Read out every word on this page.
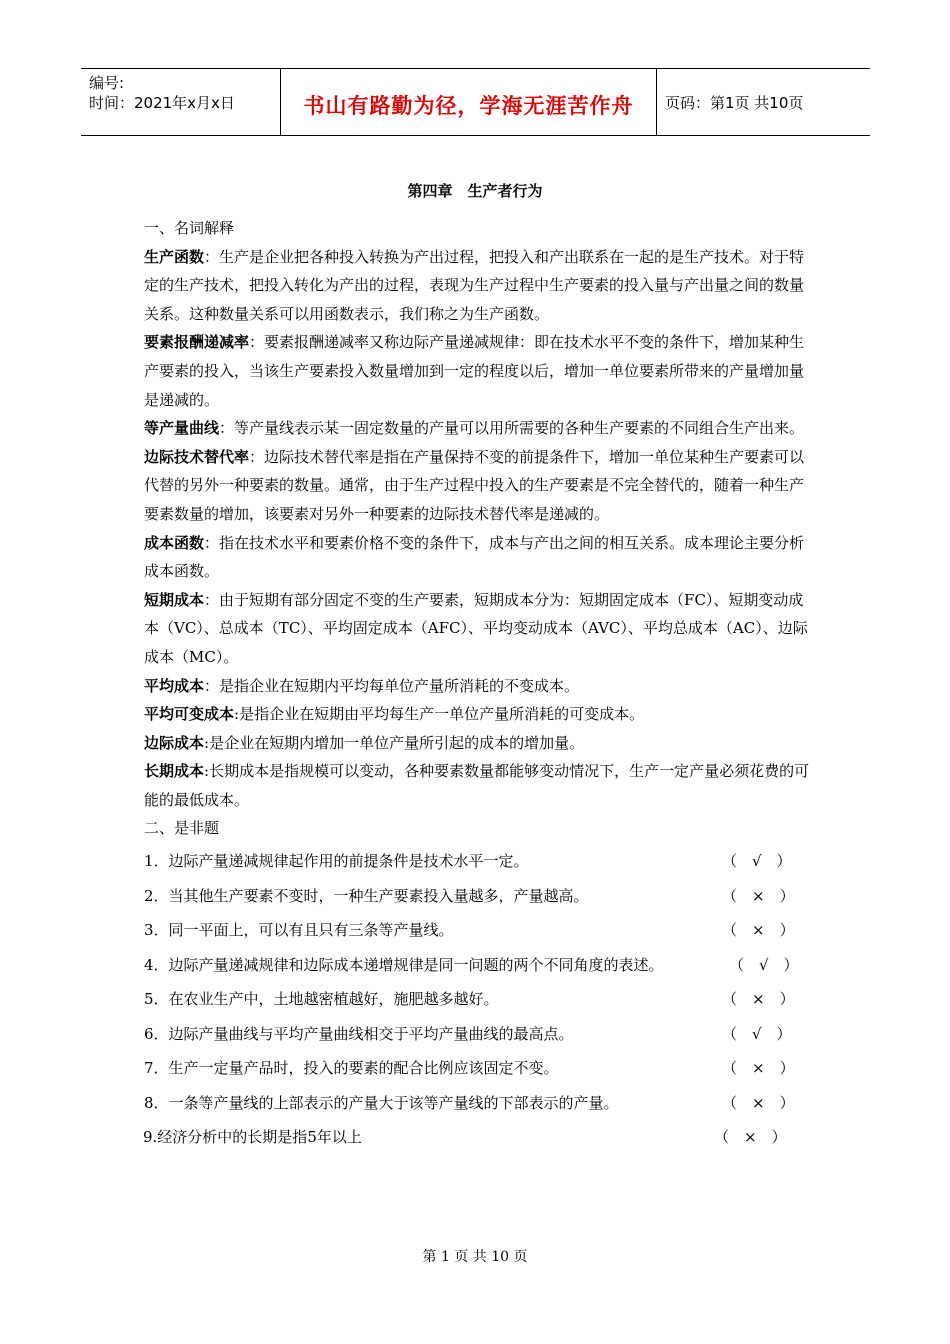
编号:
时间：2021年x月x日	书山有路勤为径，学海无涯苦作舟 页码：第1页 共10页
第四章　生产者行为

一、名词解释

生产函数：生产是企业把各种投入转换为产出过程，把投入和产出联系在一起的是生产技术。对于特定的生产技术，把投入转化为产出的过程，表现为生产过程中生产要素的投入量与产出量之间的数量关系。这种数量关系可以用函数表示，我们称之为生产函数。

要素报酬递减率：要素报酬递减率又称边际产量递减规律：即在技术水平不变的条件下，增加某种生产要素的投入，当该生产要素投入数量增加到一定的程度以后，增加一单位要素所带来的产量增加量是递减的。

等产量曲线：等产量线表示某一固定数量的产量可以用所需要的各种生产要素的不同组合生产出来。

边际技术替代率：边际技术替代率是指在产量保持不变的前提条件下，增加一单位某种生产要素可以代替的另外一种要素的数量。通常，由于生产过程中投入的生产要素是不完全替代的，随着一种生产要素数量的增加，该要素对另外一种要素的边际技术替代率是递减的。

成本函数：指在技术水平和要素价格不变的条件下，成本与产出之间的相互关系。成本理论主要分析成本函数。

短期成本：由于短期有部分固定不变的生产要素，短期成本分为：短期固定成本（FC）、短期变动成本（VC）、总成本（TC）、平均固定成本（AFC）、平均变动成本（AVC）、平均总成本（AC）、边际成本（MC）。

平均成本：是指企业在短期内平均每单位产量所消耗的不变成本。

平均可变成本:是指企业在短期由平均每生产一单位产量所消耗的可变成本。

边际成本:是企业在短期内增加一单位产量所引起的成本的增加量。

长期成本:长期成本是指规模可以变动，各种要素数量都能够变动情况下，生产一定产量必须花费的可能的最低成本。

二、是非题

1．边际产量递减规律起作用的前提条件是技术水平一定。	（　√　）
2．当其他生产要素不变时，一种生产要素投入量越多，产量越高。	（　×　）
3．同一平面上，可以有且只有三条等产量线。	（　×　）
4．边际产量递减规律和边际成本递增规律是同一问题的两个不同角度的表述。	（　√　）
5．在农业生产中，土地越密植越好，施肥越多越好。	（　×　）
6．边际产量曲线与平均产量曲线相交于平均产量曲线的最高点。	（　√　）
7．生产一定量产品时，投入的要素的配合比例应该固定不变。	（　×　）
8．一条等产量线的上部表示的产量大于该等产量线的下部表示的产量。	（　×　）
9.经济分析中的长期是指5年以上	（　×　）
第 1 页 共 10 页
